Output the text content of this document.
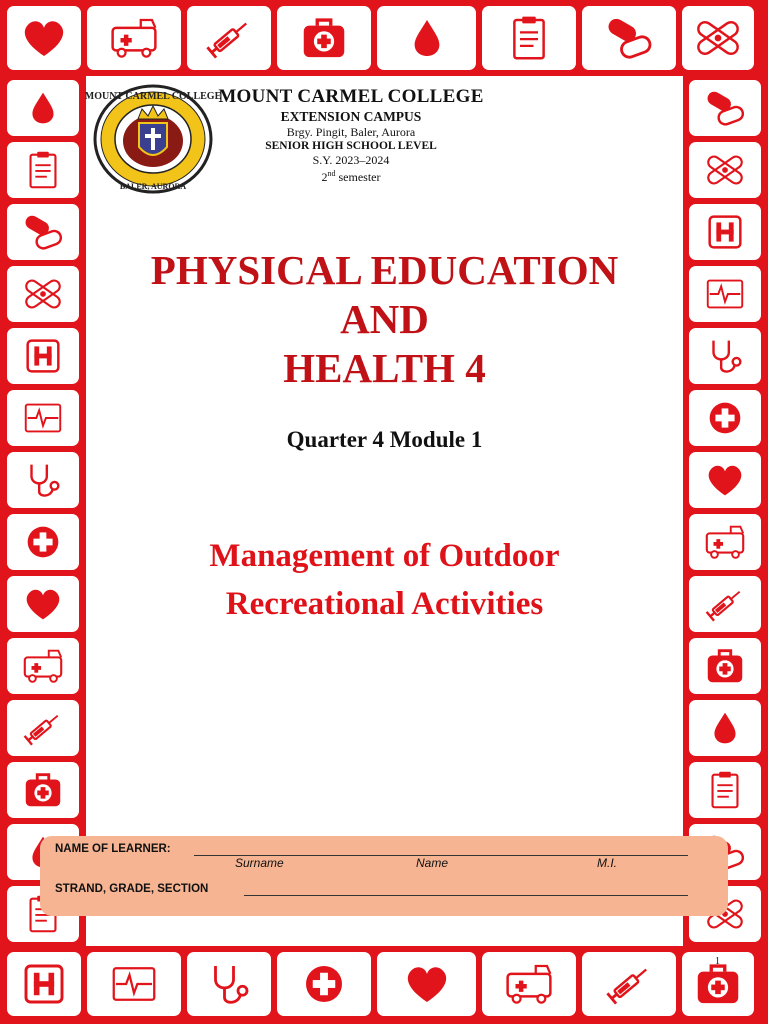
MOUNT CARMEL COLLEGE
BALER, AURORA
MOUNT CARMEL COLLEGE
EXTENSION CAMPUS
Brgy. Pingit, Baler, Aurora
SENIOR HIGH SCHOOL LEVEL
S.Y. 2023–2024
2nd semester
PHYSICAL EDUCATION
AND
HEALTH 4
Quarter 4 Module 1
Management of Outdoor
Recreational Activities
NAME OF LEARNER:
Surname	Name	M.I.
STRAND, GRADE, SECTION
1
